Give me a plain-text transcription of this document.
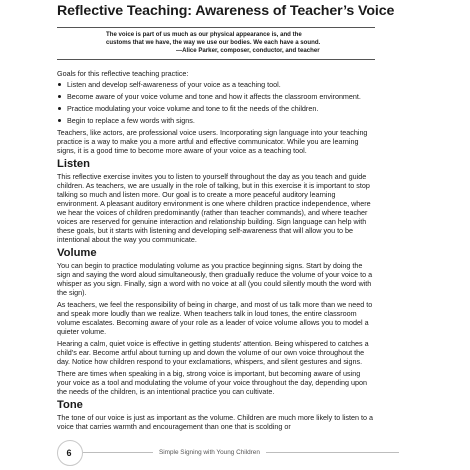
Reflective Teaching: Awareness of Teacher’s Voice

The voice is part of us much as our physical appearance is, and the

customs that we have, the way we use our bodies. We each have a sound.

—Alice Parker, composer, conductor, and teacher

Goals for this reflective teaching practice:

Listen and develop self-awareness of your voice as a teaching tool.
Become aware of your voice volume and tone and how it affects the classroom environment.
Practice modulating your voice volume and tone to fit the needs of the children.
Begin to replace a few words with signs.

Teachers, like actors, are professional voice users. Incorporating sign language into your teaching practice is a way to make you a more artful and effective communicator. While you are learning signs, it is a good time to become more aware of your voice as a teaching tool.

Listen

This reflective exercise invites you to listen to yourself throughout the day as you teach and guide children. As teachers, we are usually in the role of talking, but in this exercise it is important to stop talking so much and listen more. Our goal is to create a more peaceful auditory learning environment. A pleasant auditory environment is one where children practice independence, where we hear the voices of children predominantly (rather than teacher commands), and where teacher voices are reserved for genuine interaction and relationship building. Sign language can help with these goals, but it starts with listening and developing self-awareness that will allow you to be intentional about the way you communicate.

Volume

You can begin to practice modulating volume as you practice beginning signs. Start by doing the sign and saying the word aloud simultaneously, then gradually reduce the volume of your voice to a whisper as you sign. Finally, sign a word with no voice at all (you could silently mouth the word with the sign).

As teachers, we feel the responsibility of being in charge, and most of us talk more than we need to and speak more loudly than we realize. When teachers talk in loud tones, the entire classroom volume escalates. Becoming aware of your role as a leader of voice volume allows you to model a quieter volume.

Hearing a calm, quiet voice is effective in getting students’ attention. Being whispered to catches a child’s ear. Become artful about turning up and down the volume of our own voice throughout the day. Notice how children respond to your exclamations, whispers, and silent gestures and signs.

There are times when speaking in a big, strong voice is important, but becoming aware of using your voice as a tool and modulating the volume of your voice throughout the day, depending upon the needs of the children, is an intentional practice you can cultivate.

Tone

The tone of our voice is just as important as the volume. Children are much more likely to listen to a voice that carries warmth and encouragement than one that is scolding or

6	Simple Signing with Young Children
